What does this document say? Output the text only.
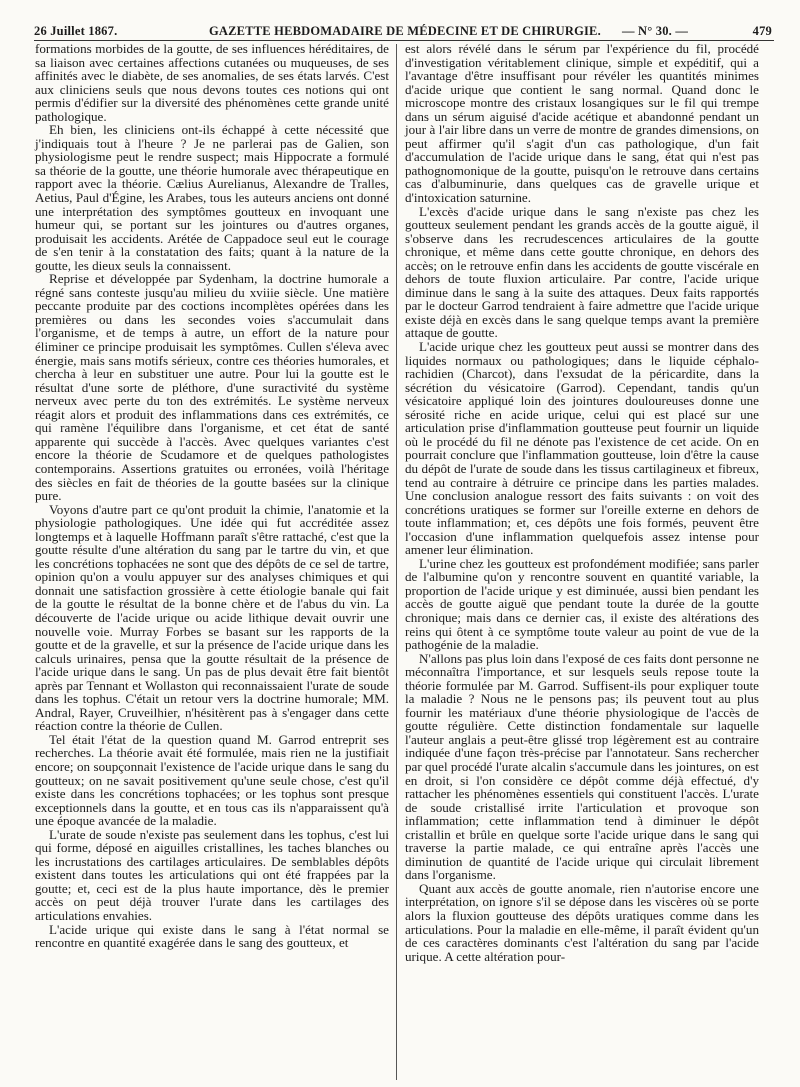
26 Juillet 1867.	GAZETTE HEBDOMADAIRE DE MÉDECINE ET DE CHIRURGIE. — N° 30. —	479

formations morbides de la goutte, de ses influences héréditaires, de sa liaison avec certaines affections cutanées ou muqueuses, de ses affinités avec le diabète, de ses anomalies, de ses états larvés. C'est aux cliniciens seuls que nous devons toutes ces notions qui ont permis d'édifier sur la diversité des phénomènes cette grande unité pathologique.

Eh bien, les cliniciens ont-ils échappé à cette nécessité que j'indiquais tout à l'heure ? Je ne parlerai pas de Galien, son physiologisme peut le rendre suspect; mais Hippocrate a formulé sa théorie de la goutte, une théorie humorale avec thérapeutique en rapport avec la théorie. Cælius Aurelianus, Alexandre de Tralles, Aetius, Paul d'Égine, les Arabes, tous les auteurs anciens ont donné une interprétation des symptômes goutteux en invoquant une humeur qui, se portant sur les jointures ou d'autres organes, produisait les accidents. Arétée de Cappadoce seul eut le courage de s'en tenir à la constatation des faits; quant à la nature de la goutte, les dieux seuls la connaissent.

Reprise et développée par Sydenham, la doctrine humorale a régné sans conteste jusqu'au milieu du xviiie siècle. Une matière peccante produite par des coctions incomplètes opérées dans les premières ou dans les secondes voies s'accumulait dans l'organisme, et de temps à autre, un effort de la nature pour éliminer ce principe produisait les symptômes. Cullen s'éleva avec énergie, mais sans motifs sérieux, contre ces théories humorales, et chercha à leur en substituer une autre. Pour lui la goutte est le résultat d'une sorte de pléthore, d'une suractivité du système nerveux avec perte du ton des extrémités. Le système nerveux réagit alors et produit des inflammations dans ces extrémités, ce qui ramène l'équilibre dans l'organisme, et cet état de santé apparente qui succède à l'accès. Avec quelques variantes c'est encore la théorie de Scudamore et de quelques pathologistes contemporains. Assertions gratuites ou erronées, voilà l'héritage des siècles en fait de théories de la goutte basées sur la clinique pure.

Voyons d'autre part ce qu'ont produit la chimie, l'anatomie et la physiologie pathologiques. Une idée qui fut accréditée assez longtemps et à laquelle Hoffmann paraît s'être rattaché, c'est que la goutte résulte d'une altération du sang par le tartre du vin, et que les concrétions tophacées ne sont que des dépôts de ce sel de tartre, opinion qu'on a voulu appuyer sur des analyses chimiques et qui donnait une satisfaction grossière à cette étiologie banale qui fait de la goutte le résultat de la bonne chère et de l'abus du vin. La découverte de l'acide urique ou acide lithique devait ouvrir une nouvelle voie. Murray Forbes se basant sur les rapports de la goutte et de la gravelle, et sur la présence de l'acide urique dans les calculs urinaires, pensa que la goutte résultait de la présence de l'acide urique dans le sang. Un pas de plus devait être fait bientôt après par Tennant et Wollaston qui reconnaissaient l'urate de soude dans les tophus. C'était un retour vers la doctrine humorale; MM. Andral, Rayer, Cruveilhier, n'hésitèrent pas à s'engager dans cette réaction contre la théorie de Cullen.

Tel était l'état de la question quand M. Garrod entreprit ses recherches. La théorie avait été formulée, mais rien ne la justifiait encore; on soupçonnait l'existence de l'acide urique dans le sang du goutteux; on ne savait positivement qu'une seule chose, c'est qu'il existe dans les concrétions tophacées; or les tophus sont presque exceptionnels dans la goutte, et en tous cas ils n'apparaissent qu'à une époque avancée de la maladie.

L'urate de soude n'existe pas seulement dans les tophus, c'est lui qui forme, déposé en aiguilles cristallines, les taches blanches ou les incrustations des cartilages articulaires. De semblables dépôts existent dans toutes les articulations qui ont été frappées par la goutte; et, ceci est de la plus haute importance, dès le premier accès on peut déjà trouver l'urate dans les cartilages des articulations envahies.

L'acide urique qui existe dans le sang à l'état normal se rencontre en quantité exagérée dans le sang des goutteux, et

est alors révélé dans le sérum par l'expérience du fil, procédé d'investigation véritablement clinique, simple et expéditif, qui a l'avantage d'être insuffisant pour révéler les quantités minimes d'acide urique que contient le sang normal. Quand donc le microscope montre des cristaux losangiques sur le fil qui trempe dans un sérum aiguisé d'acide acétique et abandonné pendant un jour à l'air libre dans un verre de montre de grandes dimensions, on peut affirmer qu'il s'agit d'un cas pathologique, d'un fait d'accumulation de l'acide urique dans le sang, état qui n'est pas pathognomonique de la goutte, puisqu'on le retrouve dans certains cas d'albuminurie, dans quelques cas de gravelle urique et d'intoxication saturnine.

L'excès d'acide urique dans le sang n'existe pas chez les goutteux seulement pendant les grands accès de la goutte aiguë, il s'observe dans les recrudescences articulaires de la goutte chronique, et même dans cette goutte chronique, en dehors des accès; on le retrouve enfin dans les accidents de goutte viscérale en dehors de toute fluxion articulaire. Par contre, l'acide urique diminue dans le sang à la suite des attaques. Deux faits rapportés par le docteur Garrod tendraient à faire admettre que l'acide urique existe déjà en excès dans le sang quelque temps avant la première attaque de goutte.

L'acide urique chez les goutteux peut aussi se montrer dans des liquides normaux ou pathologiques; dans le liquide céphalo-rachidien (Charcot), dans l'exsudat de la péricardite, dans la sécrétion du vésicatoire (Garrod). Cependant, tandis qu'un vésicatoire appliqué loin des jointures douloureuses donne une sérosité riche en acide urique, celui qui est placé sur une articulation prise d'inflammation goutteuse peut fournir un liquide où le procédé du fil ne dénote pas l'existence de cet acide. On en pourrait conclure que l'inflammation goutteuse, loin d'être la cause du dépôt de l'urate de soude dans les tissus cartilagineux et fibreux, tend au contraire à détruire ce principe dans les parties malades. Une conclusion analogue ressort des faits suivants : on voit des concrétions uratiques se former sur l'oreille externe en dehors de toute inflammation; et, ces dépôts une fois formés, peuvent être l'occasion d'une inflammation quelquefois assez intense pour amener leur élimination.

L'urine chez les goutteux est profondément modifiée; sans parler de l'albumine qu'on y rencontre souvent en quantité variable, la proportion de l'acide urique y est diminuée, aussi bien pendant les accès de goutte aiguë que pendant toute la durée de la goutte chronique; mais dans ce dernier cas, il existe des altérations des reins qui ôtent à ce symptôme toute valeur au point de vue de la pathogénie de la maladie.

N'allons pas plus loin dans l'exposé de ces faits dont personne ne méconnaîtra l'importance, et sur lesquels seuls repose toute la théorie formulée par M. Garrod. Suffisent-ils pour expliquer toute la maladie ? Nous ne le pensons pas; ils peuvent tout au plus fournir les matériaux d'une théorie physiologique de l'accès de goutte régulière. Cette distinction fondamentale sur laquelle l'auteur anglais a peut-être glissé trop légèrement est au contraire indiquée d'une façon très-précise par l'annotateur. Sans rechercher par quel procédé l'urate alcalin s'accumule dans les jointures, on est en droit, si l'on considère ce dépôt comme déjà effectué, d'y rattacher les phénomènes essentiels qui constituent l'accès. L'urate de soude cristallisé irrite l'articulation et provoque son inflammation; cette inflammation tend à diminuer le dépôt cristallin et brûle en quelque sorte l'acide urique dans le sang qui traverse la partie malade, ce qui entraîne après l'accès une diminution de quantité de l'acide urique qui circulait librement dans l'organisme.

Quant aux accès de goutte anomale, rien n'autorise encore une interprétation, on ignore s'il se dépose dans les viscères où se porte alors la fluxion goutteuse des dépôts uratiques comme dans les articulations. Pour la maladie en elle-même, il paraît évident qu'un de ces caractères dominants c'est l'altération du sang par l'acide urique. A cette altération pour-
